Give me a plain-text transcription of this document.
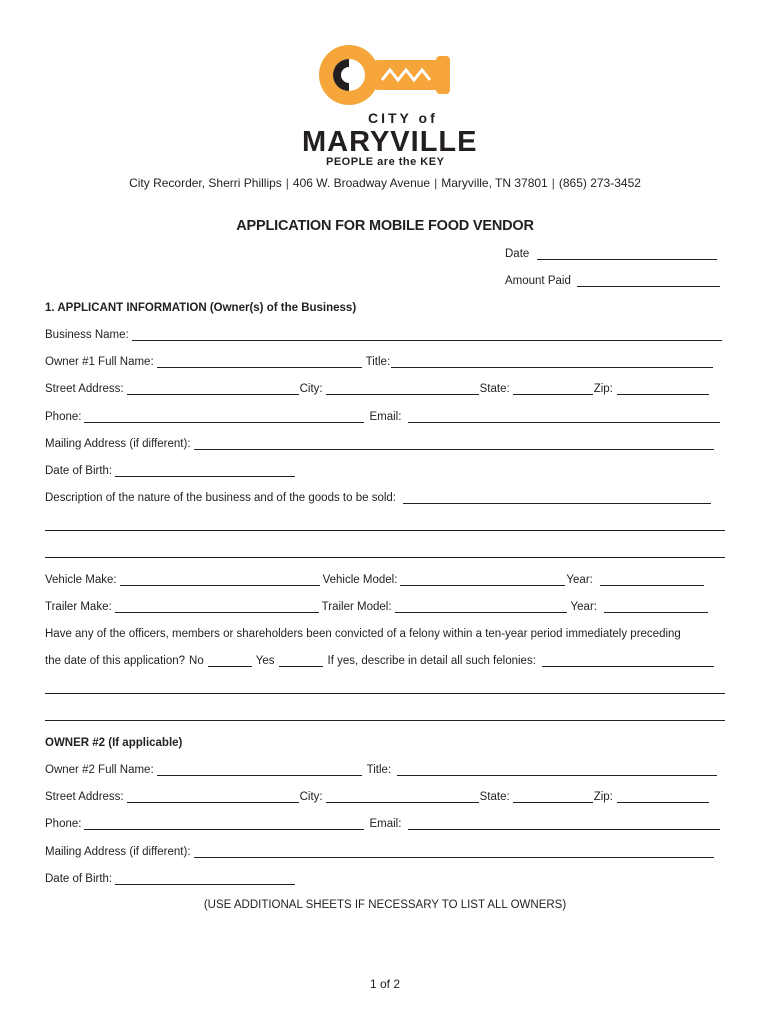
CITY of
MARYVILLE
PEOPLE are the KEY
City Recorder, Sherri Phillips | 406 W. Broadway Avenue | Maryville, TN 37801 | (865) 273-3452
APPLICATION FOR MOBILE FOOD VENDOR
Date
Amount Paid
1. APPLICANT INFORMATION (Owner(s) of the Business)
Business Name:
Owner #1 Full Name:	Title:
Street Address:	City:	State:	Zip:
Phone:	Email:
Mailing Address (if different):
Date of Birth:
Description of the nature of the business and of the goods to be sold:
Vehicle Make:	Vehicle Model:	Year:
Trailer Make:	Trailer Model:	Year:
Have any of the officers, members or shareholders been convicted of a felony within a ten-year period immediately preceding
the date of this application? No	Yes	If yes, describe in detail all such felonies:
OWNER #2 (If applicable)
Owner #2 Full Name:	Title:
Street Address:	City:	State:	Zip:
Phone:	Email:
Mailing Address (if different):
Date of Birth:
(USE ADDITIONAL SHEETS IF NECESSARY TO LIST ALL OWNERS)
1 of 2
